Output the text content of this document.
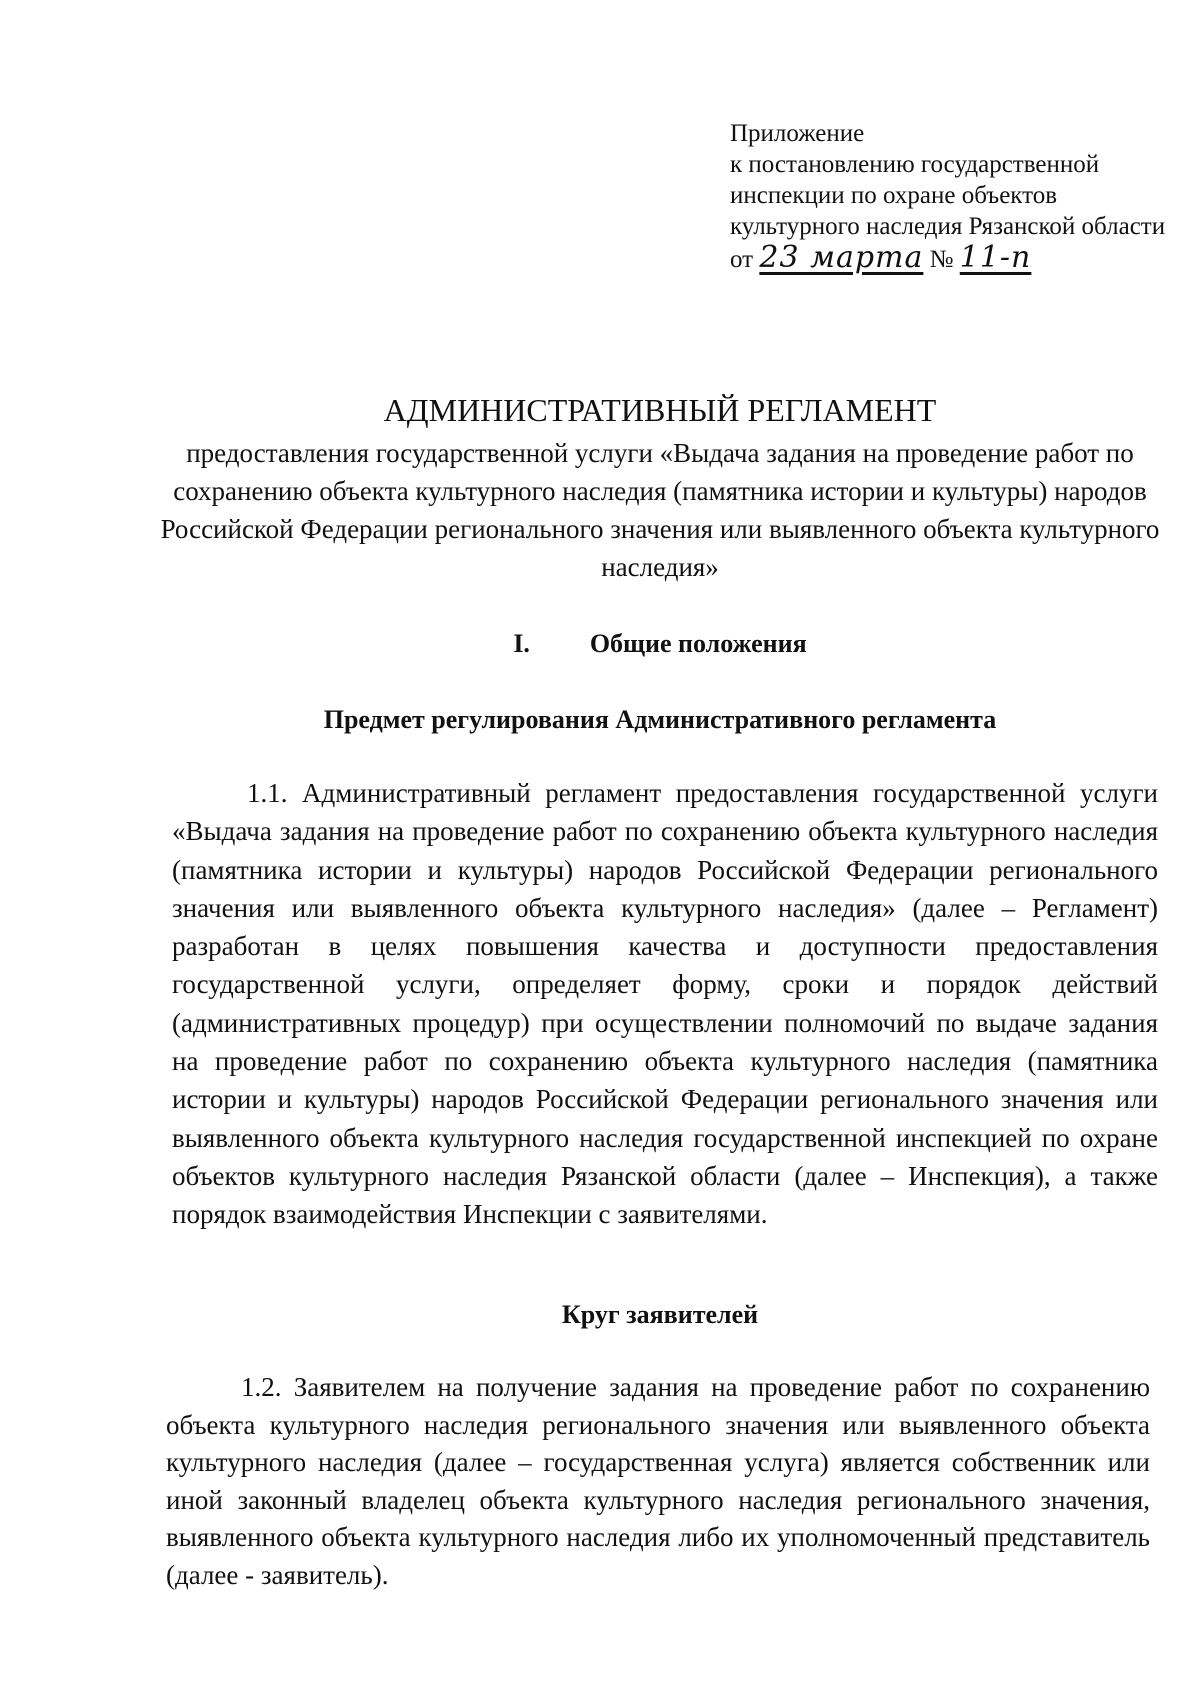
Приложение
к постановлению государственной
инспекции по охране объектов
культурного наследия Рязанской области
от 23 марта № 11-п

АДМИНИСТРАТИВНЫЙ РЕГЛАМЕНТ

предоставления государственной услуги «Выдача задания на проведение работ по сохранению объекта культурного наследия (памятника истории и культуры) народов Российской Федерации регионального значения или выявленного объекта культурного наследия»

I. Общие положения
Предмет регулирования Административного регламента

1.1. Административный регламент предоставления государственной услуги «Выдача задания на проведение работ по сохранению объекта культурного наследия (памятника истории и культуры) народов Российской Федерации регионального значения или выявленного объекта культурного наследия» (далее – Регламент) разработан в целях повышения качества и доступности предоставления государственной услуги, определяет форму, сроки и порядок действий (административных процедур) при осуществлении полномочий по выдаче задания на проведение работ по сохранению объекта культурного наследия (памятника истории и культуры) народов Российской Федерации регионального значения или выявленного объекта культурного наследия государственной инспекцией по охране объектов культурного наследия Рязанской области (далее – Инспекция), а также порядок взаимодействия Инспекции с заявителями.

Круг заявителей

1.2. Заявителем на получение задания на проведение работ по сохранению объекта культурного наследия регионального значения или выявленного объекта культурного наследия (далее – государственная услуга) является собственник или иной законный владелец объекта культурного наследия регионального значения, выявленного объекта культурного наследия либо их уполномоченный представитель (далее - заявитель).
